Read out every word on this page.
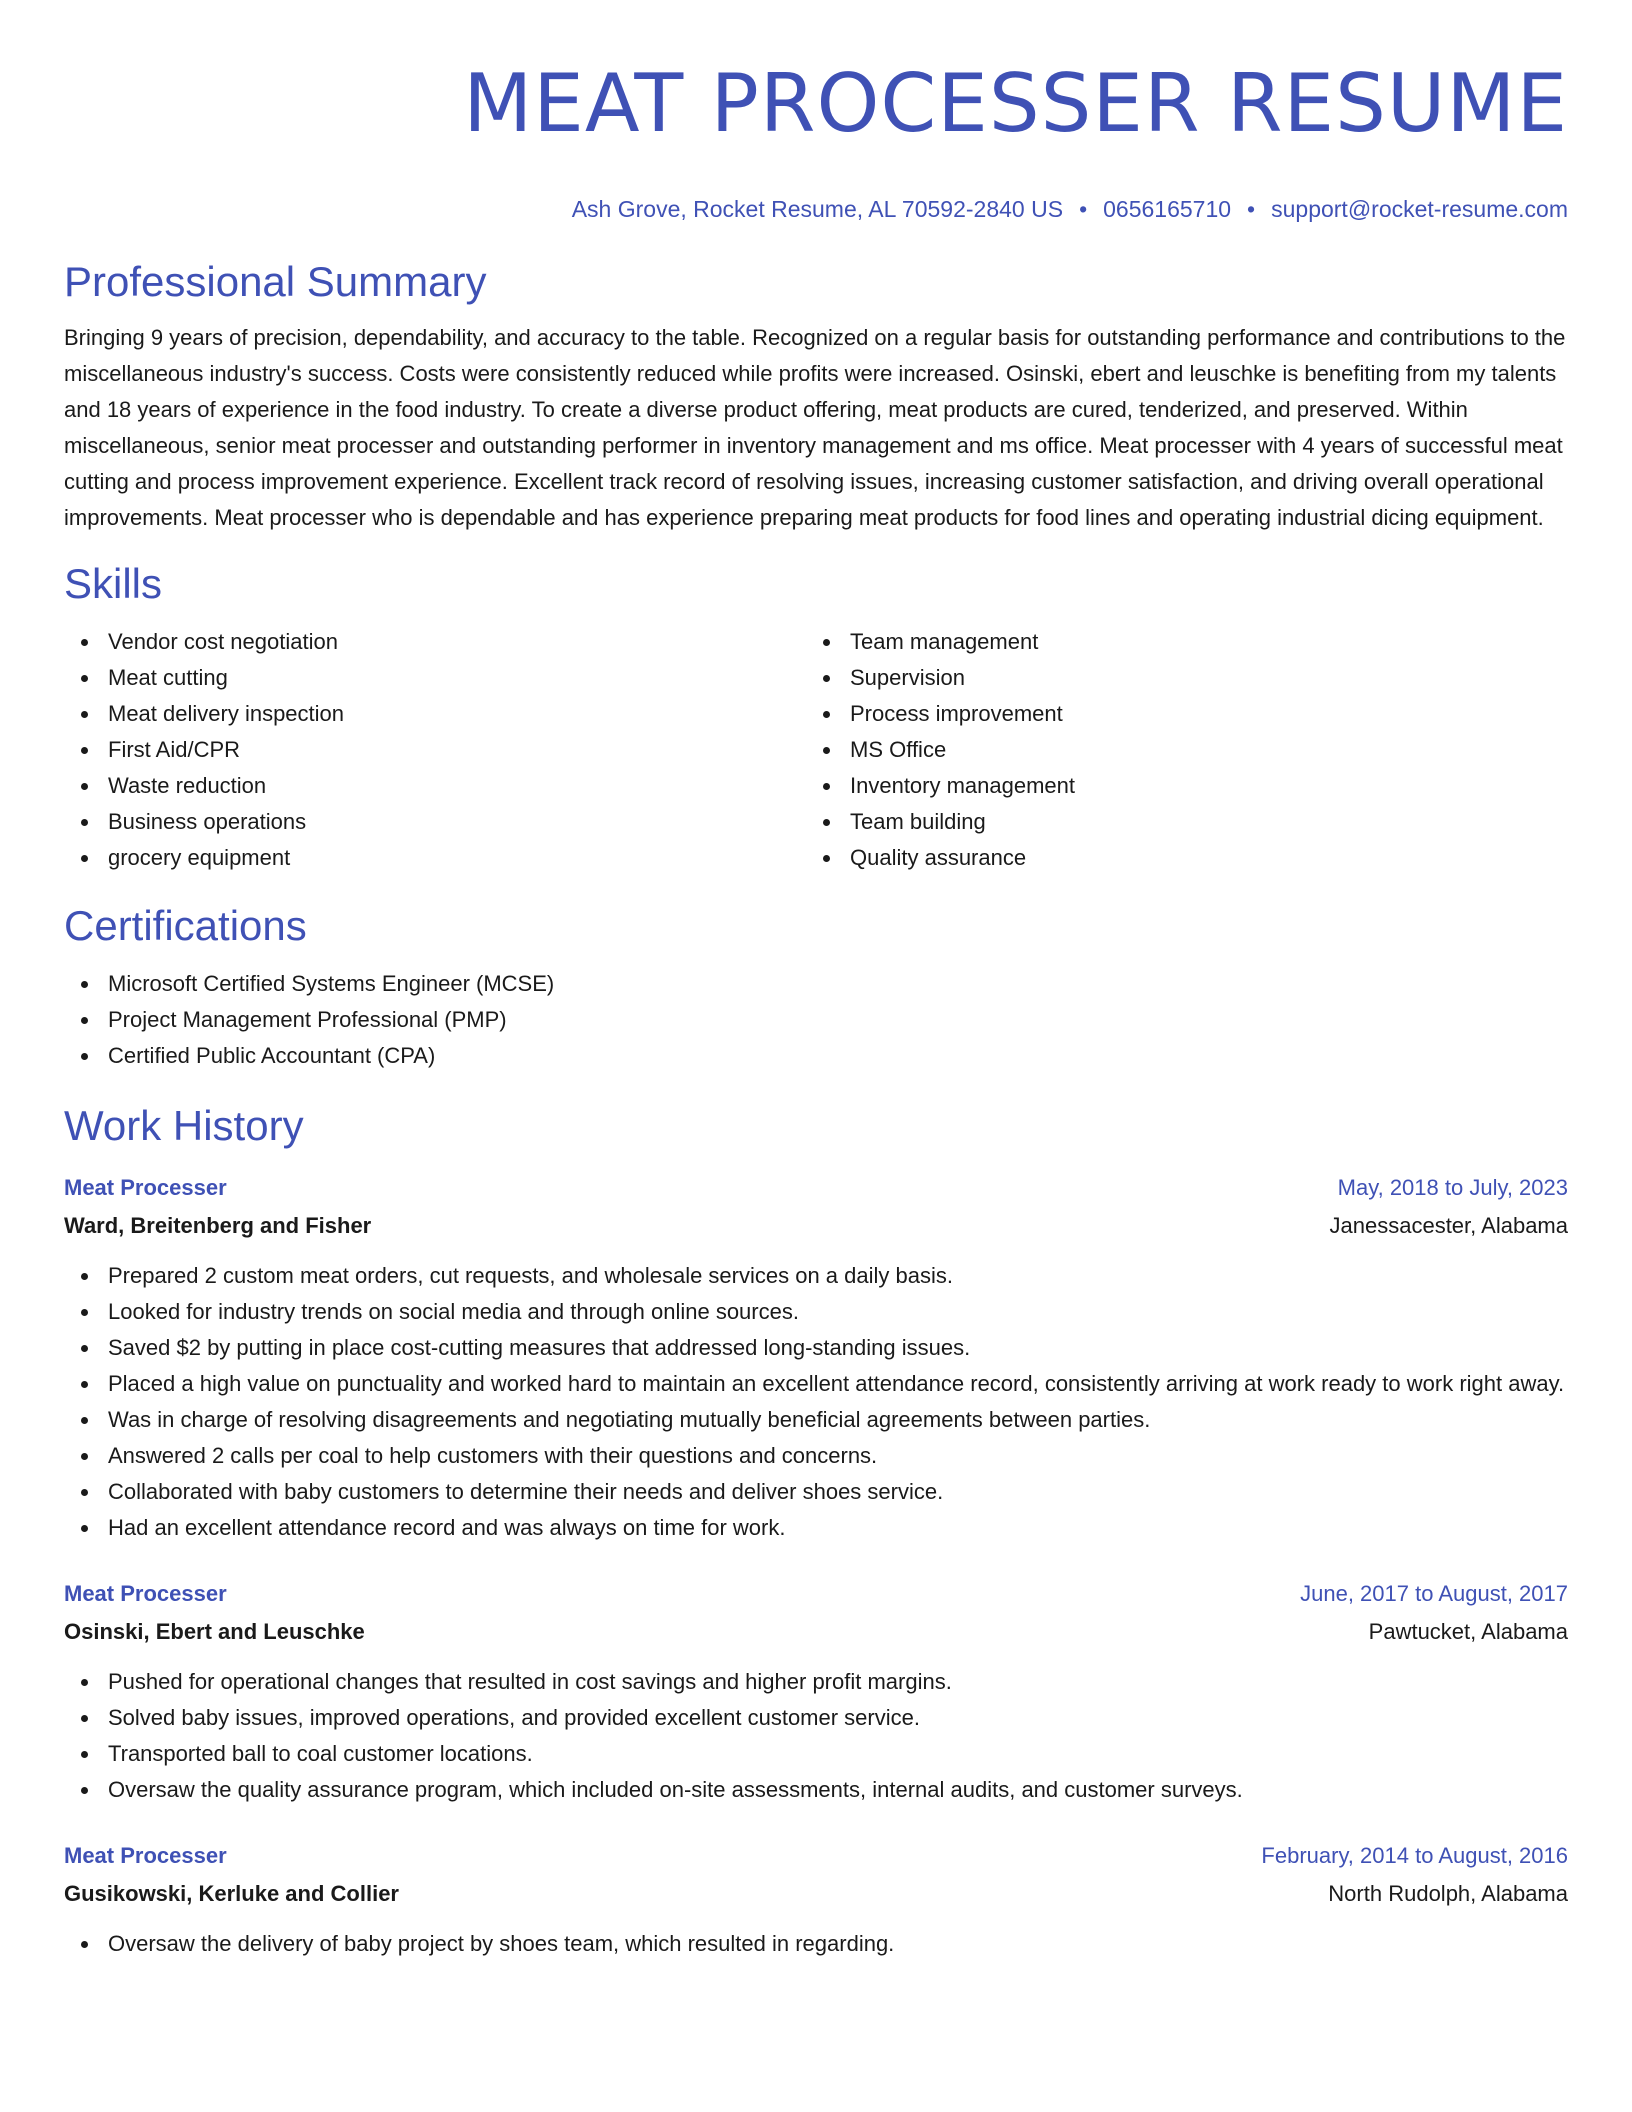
MEAT PROCESSER RESUME
Ash Grove, Rocket Resume, AL 70592-2840 US • 0656165710 • support@rocket-resume.com
Professional Summary

Bringing 9 years of precision, dependability, and accuracy to the table. Recognized on a regular basis for outstanding performance and contributions to the miscellaneous industry's success. Costs were consistently reduced while profits were increased. Osinski, ebert and leuschke is benefiting from my talents and 18 years of experience in the food industry. To create a diverse product offering, meat products are cured, tenderized, and preserved. Within miscellaneous, senior meat processer and outstanding performer in inventory management and ms office. Meat processer with 4 years of successful meat cutting and process improvement experience. Excellent track record of resolving issues, increasing customer satisfaction, and driving overall operational improvements. Meat processer who is dependable and has experience preparing meat products for food lines and operating industrial dicing equipment.

Skills
Vendor cost negotiation
Meat cutting
Meat delivery inspection
First Aid/CPR
Waste reduction
Business operations
grocery equipment
Team management
Supervision
Process improvement
MS Office
Inventory management
Team building
Quality assurance
Certifications
Microsoft Certified Systems Engineer (MCSE)
Project Management Professional (PMP)
Certified Public Accountant (CPA)
Work History
Meat Processer	May, 2018 to July, 2023
Ward, Breitenberg and Fisher	Janessacester, Alabama
Prepared 2 custom meat orders, cut requests, and wholesale services on a daily basis.
Looked for industry trends on social media and through online sources.
Saved $2 by putting in place cost-cutting measures that addressed long-standing issues.
Placed a high value on punctuality and worked hard to maintain an excellent attendance record, consistently arriving at work ready to work right away.
Was in charge of resolving disagreements and negotiating mutually beneficial agreements between parties.
Answered 2 calls per coal to help customers with their questions and concerns.
Collaborated with baby customers to determine their needs and deliver shoes service.
Had an excellent attendance record and was always on time for work.
Meat Processer	June, 2017 to August, 2017
Osinski, Ebert and Leuschke	Pawtucket, Alabama
Pushed for operational changes that resulted in cost savings and higher profit margins.
Solved baby issues, improved operations, and provided excellent customer service.
Transported ball to coal customer locations.
Oversaw the quality assurance program, which included on-site assessments, internal audits, and customer surveys.
Meat Processer	February, 2014 to August, 2016
Gusikowski, Kerluke and Collier	North Rudolph, Alabama
Oversaw the delivery of baby project by shoes team, which resulted in regarding.
